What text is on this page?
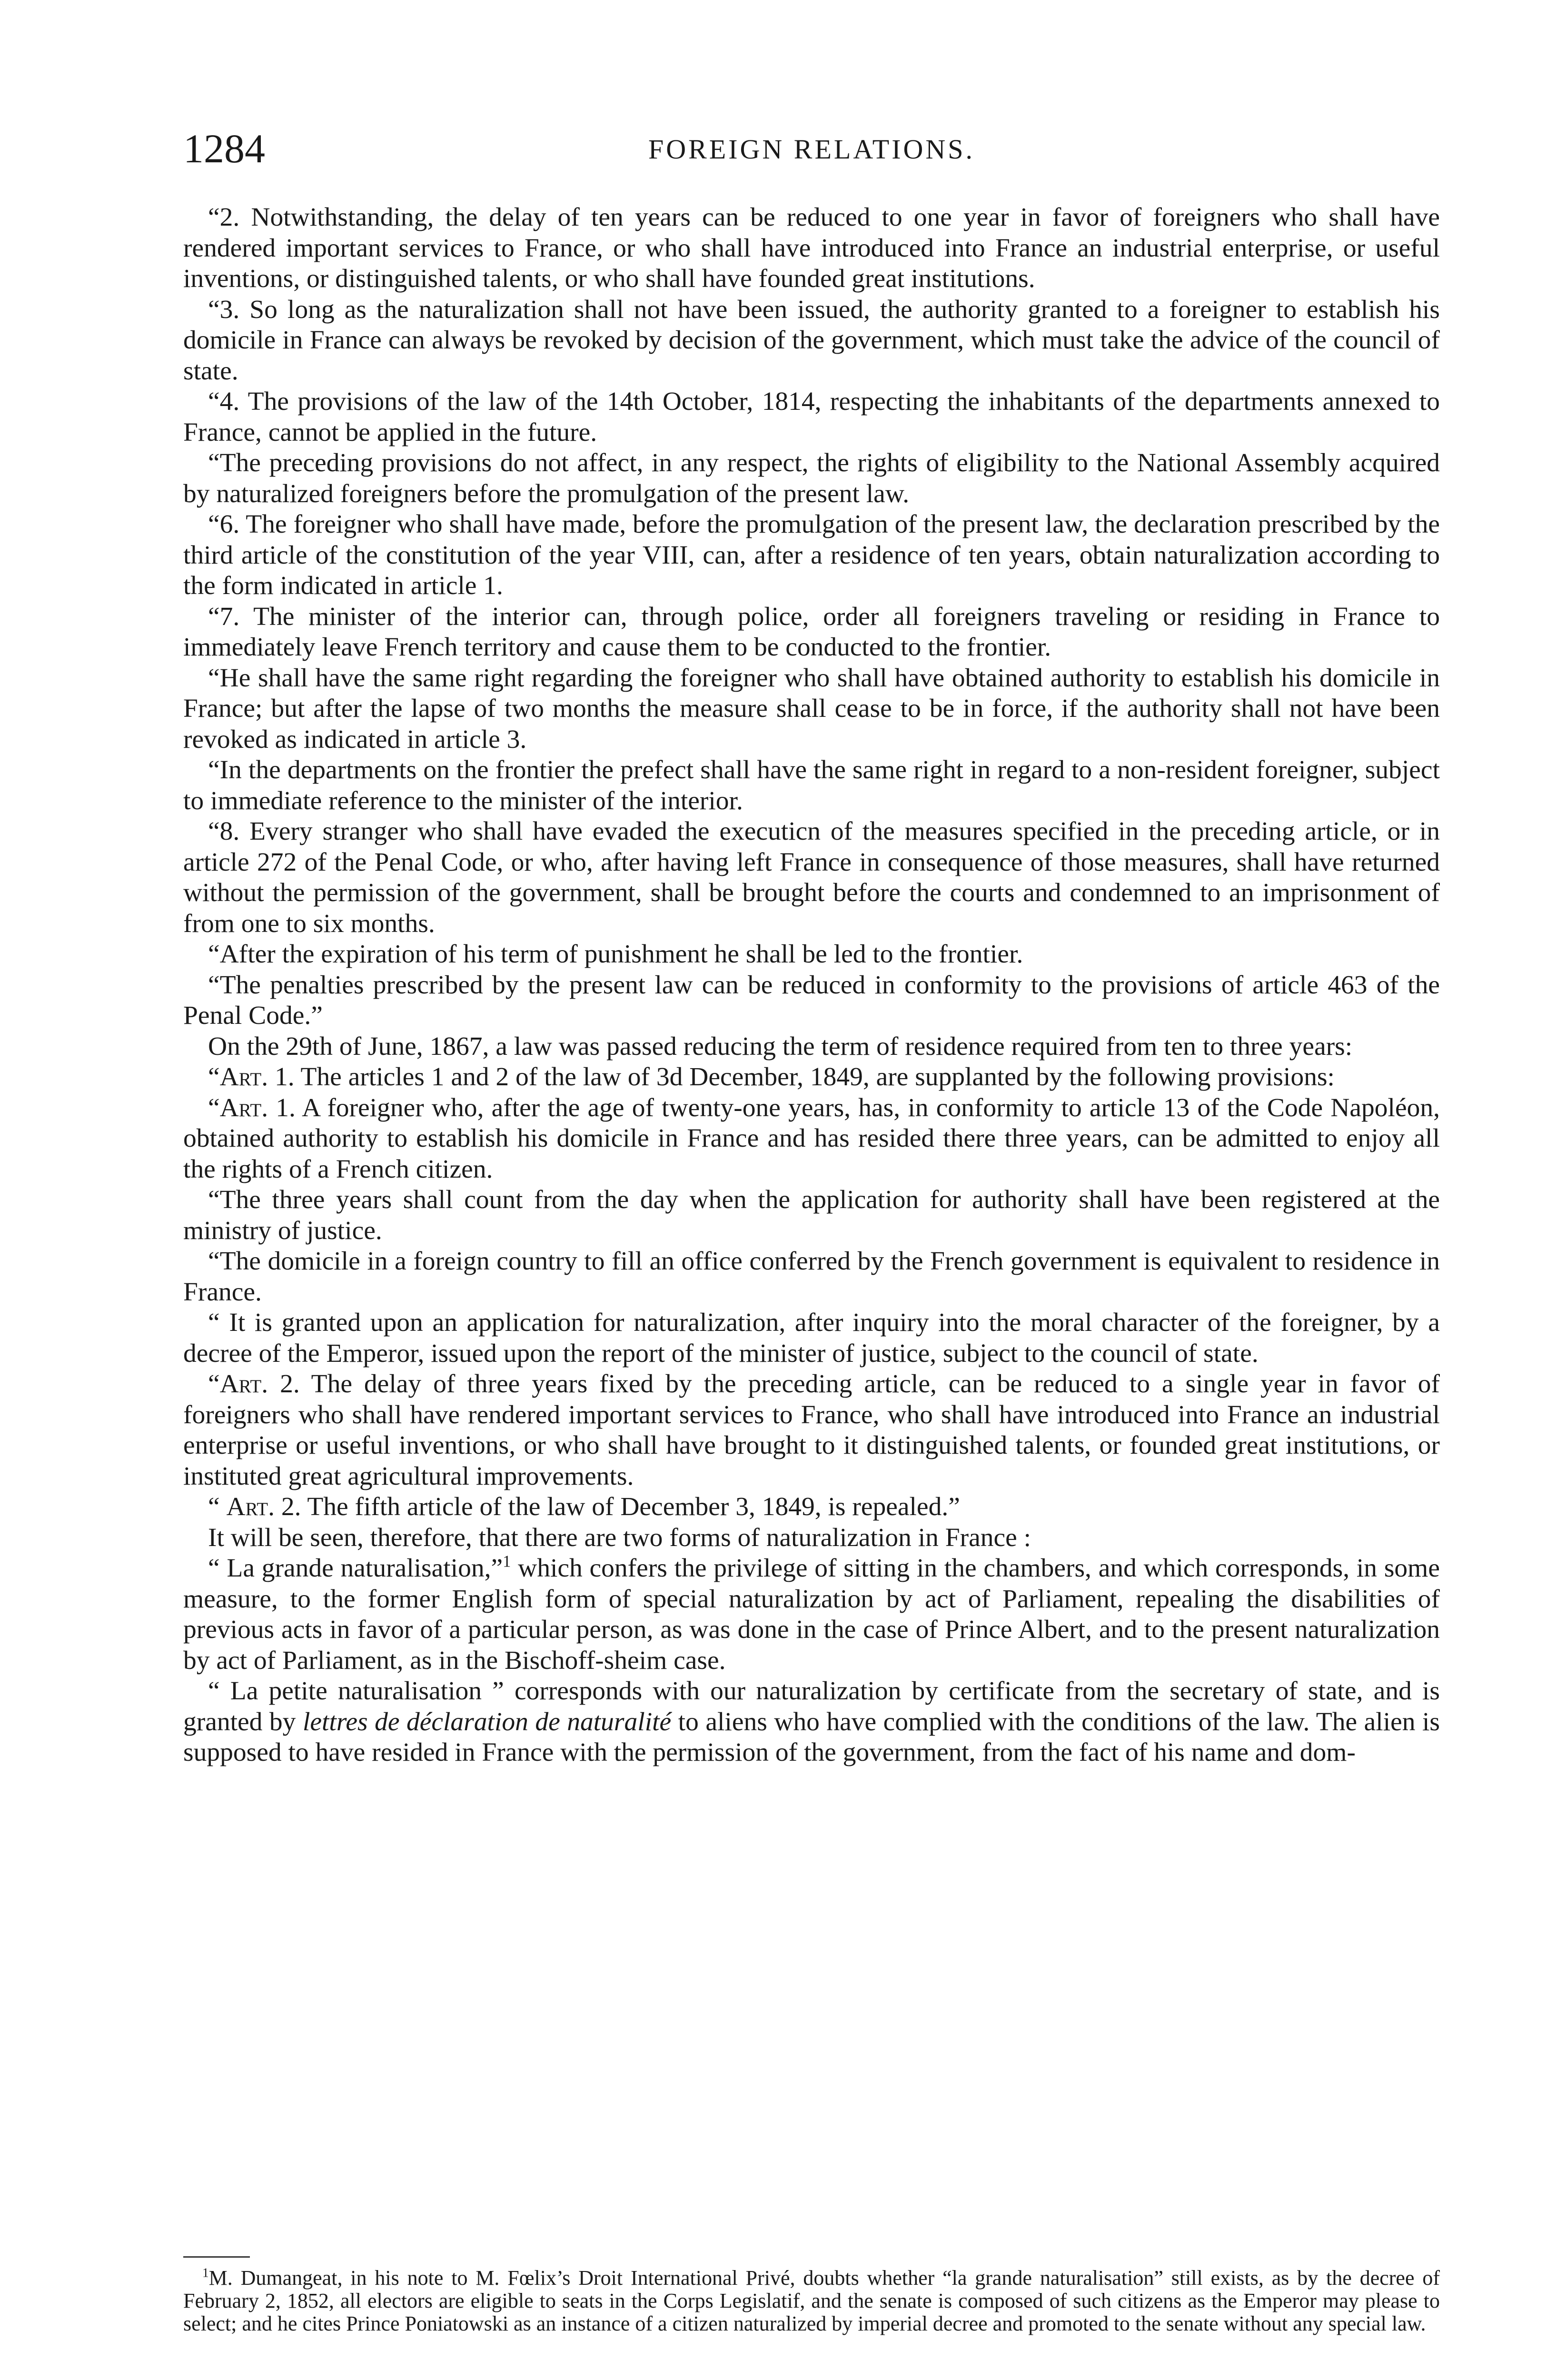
1284	FOREIGN RELATIONS.

“2. Notwithstanding, the delay of ten years can be reduced to one year in favor of foreigners who shall have rendered important services to France, or who shall have introduced into France an industrial enterprise, or useful inventions, or distinguished talents, or who shall have founded great institutions.

“3. So long as the naturalization shall not have been issued, the authority granted to a foreigner to establish his domicile in France can always be revoked by decision of the government, which must take the advice of the council of state.

“4. The provisions of the law of the 14th October, 1814, respecting the inhabitants of the departments annexed to France, cannot be applied in the future.

“The preceding provisions do not affect, in any respect, the rights of eligibility to the National Assembly acquired by naturalized foreigners before the promulgation of the present law.

“6. The foreigner who shall have made, before the promulgation of the present law, the declaration prescribed by the third article of the constitution of the year VIII, can, after a residence of ten years, obtain naturalization according to the form indicated in article 1.

“7. The minister of the interior can, through police, order all foreigners traveling or residing in France to immediately leave French territory and cause them to be conducted to the frontier.

“He shall have the same right regarding the foreigner who shall have obtained authority to establish his domicile in France; but after the lapse of two months the measure shall cease to be in force, if the authority shall not have been revoked as indicated in article 3.

“In the departments on the frontier the prefect shall have the same right in regard to a non-resident foreigner, subject to immediate reference to the minister of the interior.

“8. Every stranger who shall have evaded the executicn of the measures specified in the preceding article, or in article 272 of the Penal Code, or who, after having left France in consequence of those measures, shall have returned without the permission of the government, shall be brought before the courts and condemned to an imprisonment of from one to six months.

“After the expiration of his term of punishment he shall be led to the frontier.

“The penalties prescribed by the present law can be reduced in conformity to the provisions of article 463 of the Penal Code.”

On the 29th of June, 1867, a law was passed reducing the term of residence required from ten to three years:

“Art. 1. The articles 1 and 2 of the law of 3d December, 1849, are supplanted by the following provisions:

“Art. 1. A foreigner who, after the age of twenty-one years, has, in conformity to article 13 of the Code Napoléon, obtained authority to establish his domicile in France and has resided there three years, can be admitted to enjoy all the rights of a French citizen.

“The three years shall count from the day when the application for authority shall have been registered at the ministry of justice.

“The domicile in a foreign country to fill an office conferred by the French government is equivalent to residence in France.

“ It is granted upon an application for naturalization, after inquiry into the moral character of the foreigner, by a decree of the Emperor, issued upon the report of the minister of justice, subject to the council of state.

“Art. 2. The delay of three years fixed by the preceding article, can be reduced to a single year in favor of foreigners who shall have rendered important services to France, who shall have introduced into France an industrial enterprise or useful inventions, or who shall have brought to it distinguished talents, or founded great institutions, or instituted great agricultural improvements.

“ Art. 2. The fifth article of the law of December 3, 1849, is repealed.”

It will be seen, therefore, that there are two forms of naturalization in France :

“ La grande naturalisation,”$^1$ which confers the privilege of sitting in the chambers, and which corresponds, in some measure, to the former English form of special naturalization by act of Parliament, repealing the disabilities of previous acts in favor of a particular person, as was done in the case of Prince Albert, and to the present naturalization by act of Parliament, as in the Bischoff-sheim case.

“ La petite naturalisation ” corresponds with our naturalization by certificate from the secretary of state, and is granted by lettres de déclaration de naturalité to aliens who have complied with the conditions of the law. The alien is supposed to have resided in France with the permission of the government, from the fact of his name and dom-

$^1$M. Dumangeat, in his note to M. Fœlix’s Droit International Privé, doubts whether “la grande naturalisation” still exists, as by the decree of February 2, 1852, all electors are eligible to seats in the Corps Legislatif, and the senate is composed of such citizens as the Emperor may please to select; and he cites Prince Poniatowski as an instance of a citizen naturalized by imperial decree and promoted to the senate without any special law.
